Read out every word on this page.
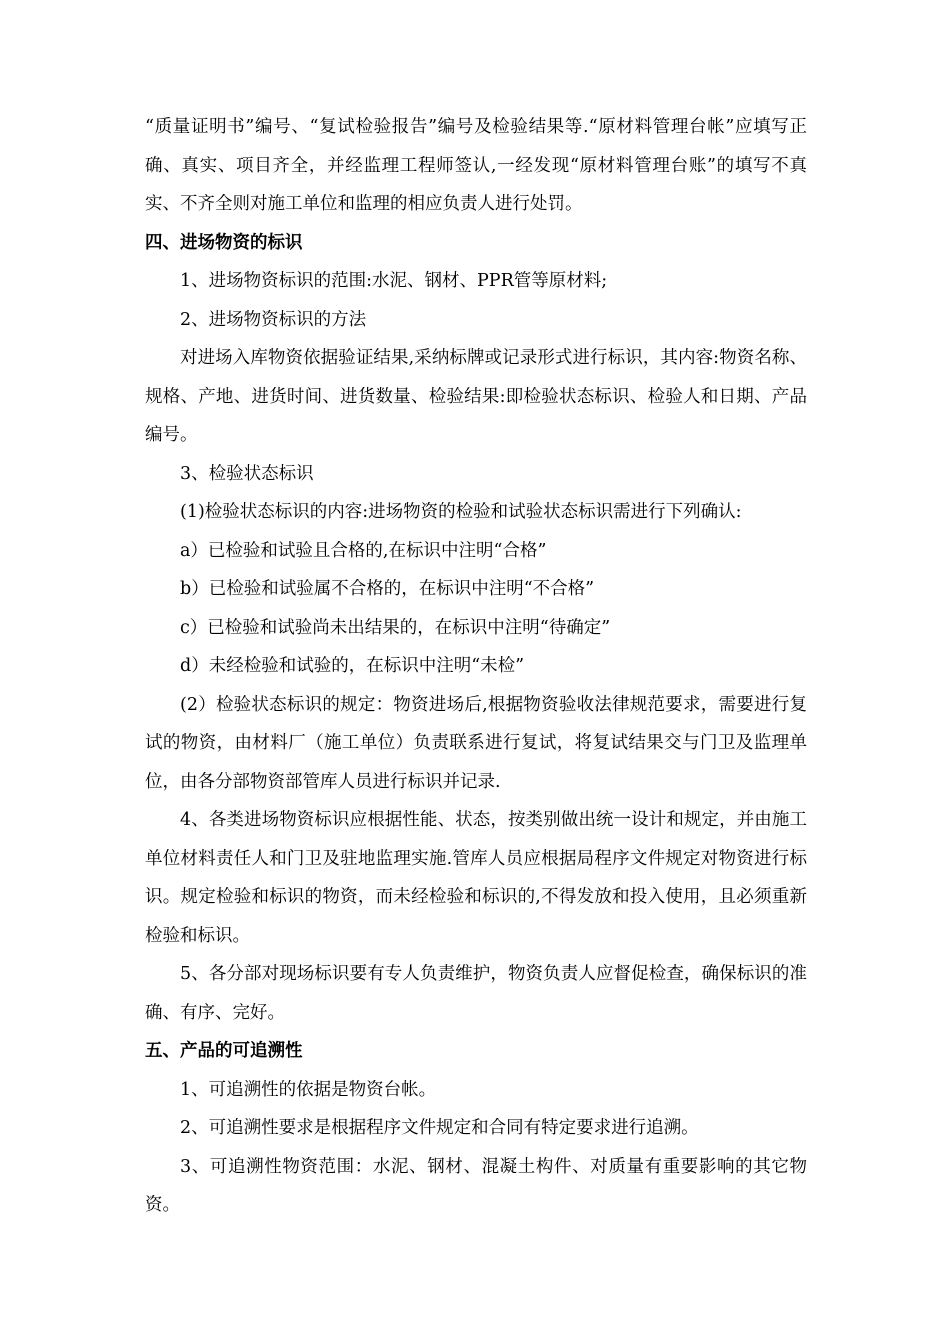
“质量证明书”编号、“复试检验报告”编号及检验结果等.“原材料管理台帐”应填写正确、真实、项目齐全，并经监理工程师签认,一经发现“原材料管理台账”的填写不真实、不齐全则对施工单位和监理的相应负责人进行处罚。

四、进场物资的标识

1、进场物资标识的范围:水泥、钢材、PPR管等原材料;

2、进场物资标识的方法

对进场入库物资依据验证结果,采纳标牌或记录形式进行标识，其内容:物资名称、规格、产地、进货时间、进货数量、检验结果:即检验状态标识、检验人和日期、产品编号。

3、检验状态标识

(1)检验状态标识的内容:进场物资的检验和试验状态标识需进行下列确认:

a）已检验和试验且合格的,在标识中注明“合格”

b）已检验和试验属不合格的，在标识中注明“不合格”

c）已检验和试验尚未出结果的，在标识中注明“待确定”

d）未经检验和试验的，在标识中注明“未检”

(2）检验状态标识的规定：物资进场后,根据物资验收法律规范要求，需要进行复试的物资，由材料厂（施工单位）负责联系进行复试，将复试结果交与门卫及监理单位，由各分部物资部管库人员进行标识并记录.

4、各类进场物资标识应根据性能、状态，按类别做出统一设计和规定，并由施工单位材料责任人和门卫及驻地监理实施.管库人员应根据局程序文件规定对物资进行标识。规定检验和标识的物资，而未经检验和标识的,不得发放和投入使用，且必须重新检验和标识。

5、各分部对现场标识要有专人负责维护，物资负责人应督促检查，确保标识的准确、有序、完好。

五、产品的可追溯性

1、可追溯性的依据是物资台帐。

2、可追溯性要求是根据程序文件规定和合同有特定要求进行追溯。

3、可追溯性物资范围：水泥、钢材、混凝土构件、对质量有重要影响的其它物资。
